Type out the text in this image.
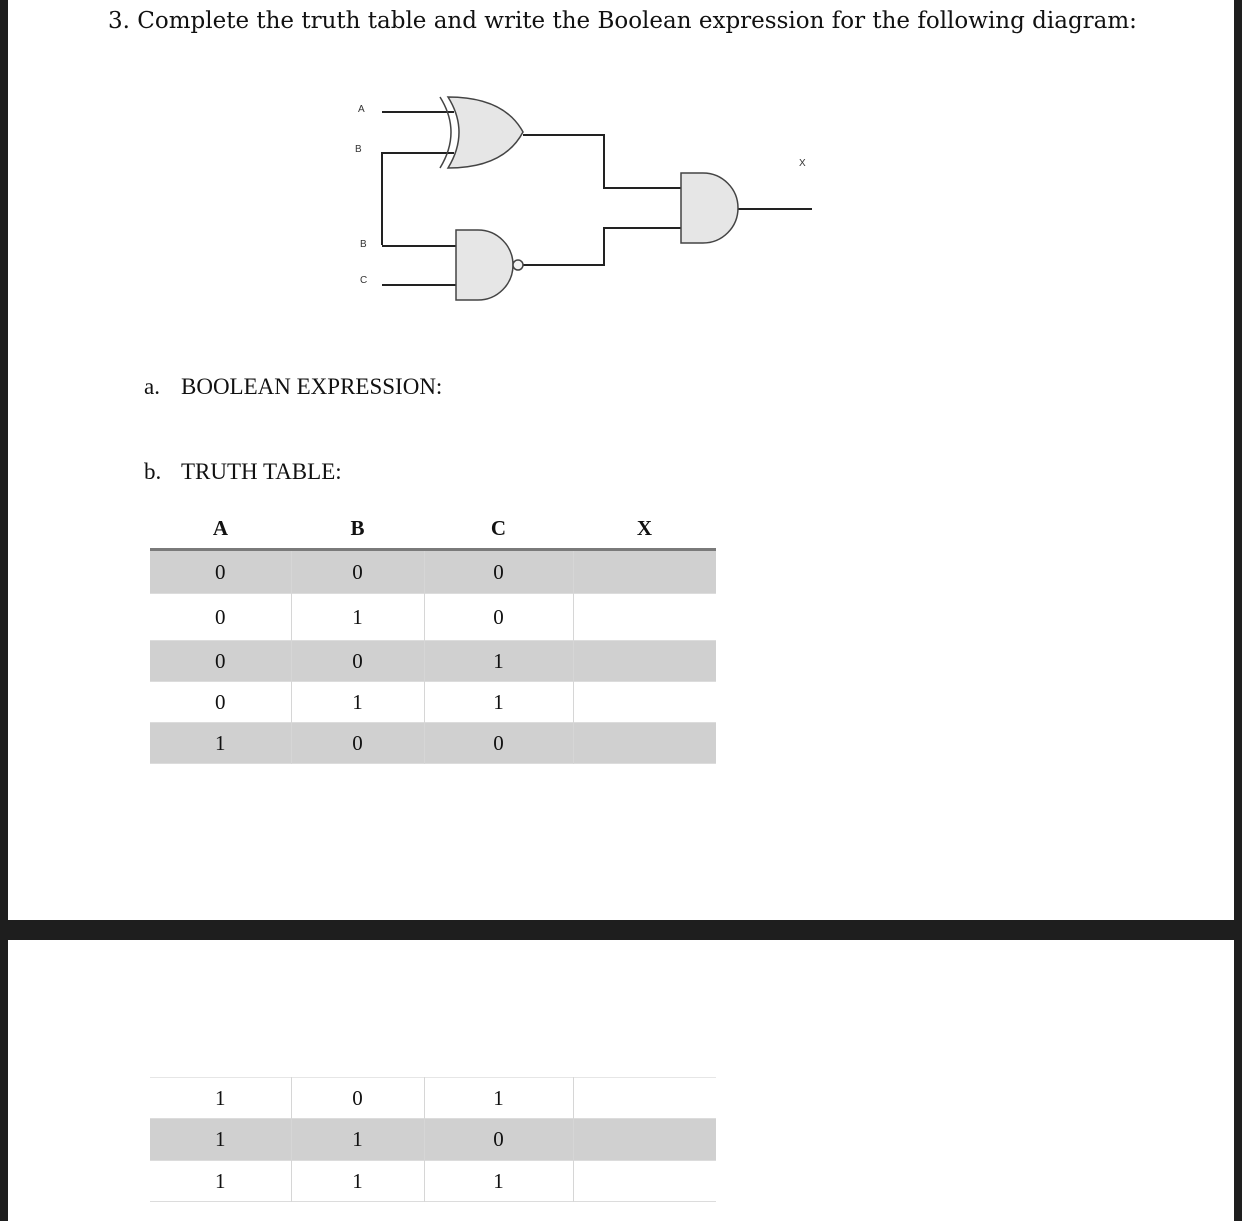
3. Complete the truth table and write the Boolean expression for the following diagram:
A
B
B
C
X
a. BOOLEAN EXPRESSION:
b. TRUTH TABLE:
A	B	C	X
0	0	0	
0	1	0	
0	0	1	
0	1	1	
1	0	0	
1	0	1	
1	1	0	
1	1	1	
